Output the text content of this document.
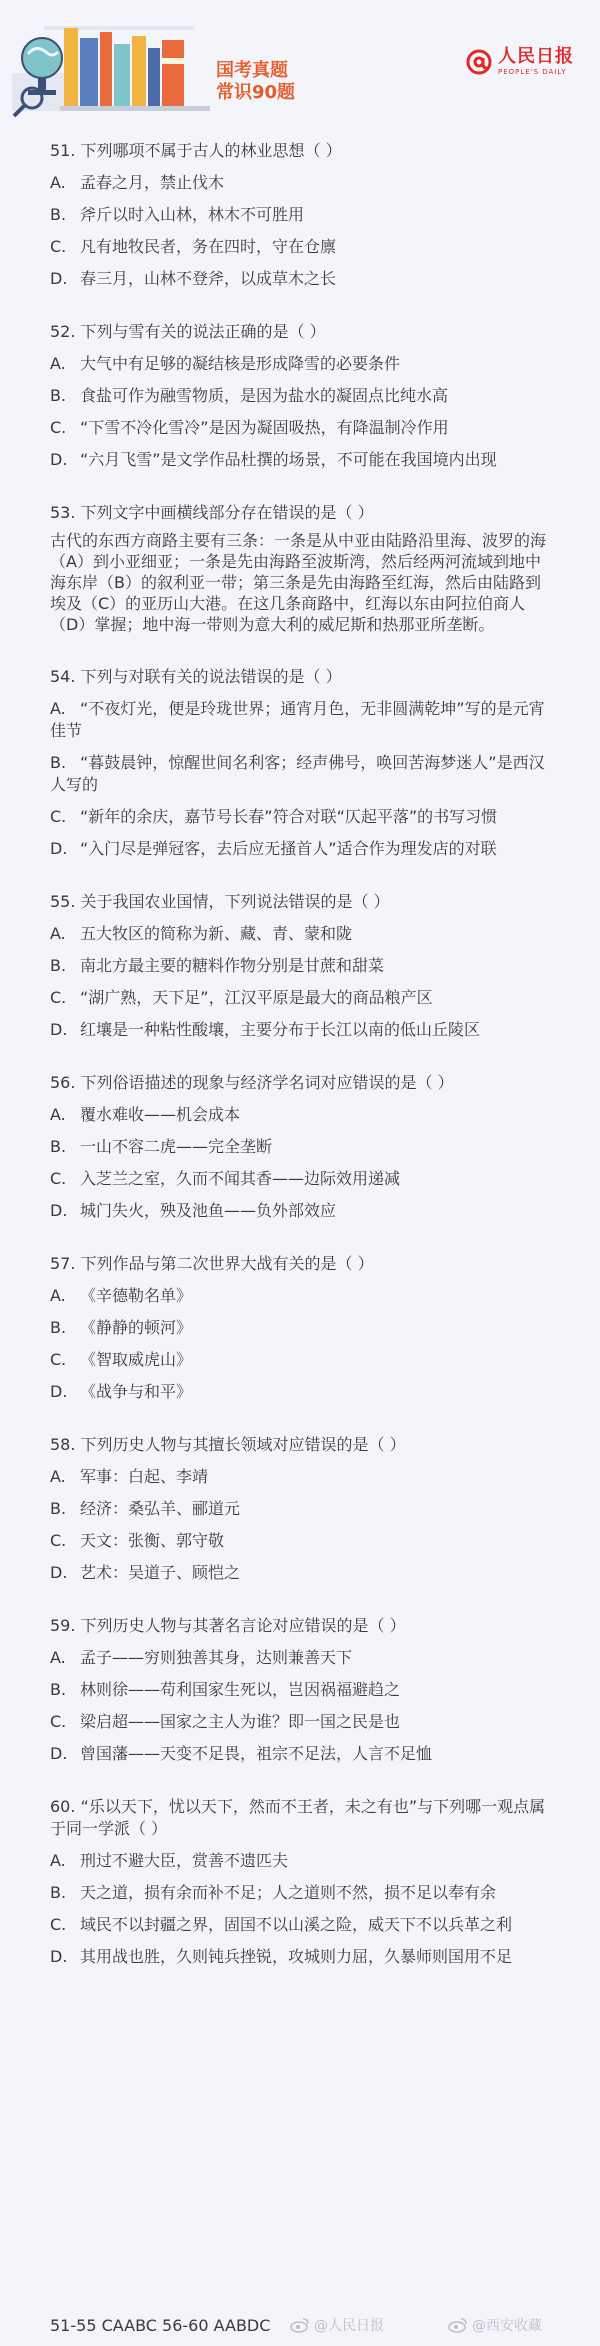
国考真题
常识90题
人民日报
PEOPLE'S DAILY

51. 下列哪项不属于古人的林业思想（ ）

A. 孟春之月，禁止伐木
B. 斧斤以时入山林，林木不可胜用
C. 凡有地牧民者，务在四时，守在仓廪
D. 春三月，山林不登斧，以成草木之长

52. 下列与雪有关的说法正确的是（ ）

A. 大气中有足够的凝结核是形成降雪的必要条件
B. 食盐可作为融雪物质，是因为盐水的凝固点比纯水高
C. “下雪不冷化雪冷”是因为凝固吸热，有降温制冷作用
D. “六月飞雪”是文学作品杜撰的场景，不可能在我国境内出现

53. 下列文字中画横线部分存在错误的是（ ）

古代的东西方商路主要有三条：一条是从中亚由陆路沿里海、波罗的海（A）到小亚细亚；一条是先由海路至波斯湾，然后经两河流域到地中海东岸（B）的叙利亚一带；第三条是先由海路至红海，然后由陆路到埃及（C）的亚历山大港。在这几条商路中，红海以东由阿拉伯商人（D）掌握；地中海一带则为意大利的威尼斯和热那亚所垄断。

54. 下列与对联有关的说法错误的是（ ）

A. “不夜灯光，便是玲珑世界；通宵月色，无非圆满乾坤”写的是元宵佳节
B. “暮鼓晨钟，惊醒世间名利客；经声佛号，唤回苦海梦迷人”是西汉人写的
C. “新年的余庆，嘉节号长春”符合对联“仄起平落”的书写习惯
D. “入门尽是弹冠客，去后应无搔首人”适合作为理发店的对联

55. 关于我国农业国情，下列说法错误的是（ ）

A. 五大牧区的简称为新、藏、青、蒙和陇
B. 南北方最主要的糖料作物分别是甘蔗和甜菜
C. “湖广熟，天下足”，江汉平原是最大的商品粮产区
D. 红壤是一种粘性酸壤，主要分布于长江以南的低山丘陵区

56. 下列俗语描述的现象与经济学名词对应错误的是（ ）

A. 覆水难收——机会成本
B. 一山不容二虎——完全垄断
C. 入芝兰之室，久而不闻其香——边际效用递减
D. 城门失火，殃及池鱼——负外部效应

57. 下列作品与第二次世界大战有关的是（ ）

A. 《辛德勒名单》
B. 《静静的顿河》
C. 《智取威虎山》
D. 《战争与和平》

58. 下列历史人物与其擅长领域对应错误的是（ ）

A. 军事：白起、李靖
B. 经济：桑弘羊、郦道元
C. 天文：张衡、郭守敬
D. 艺术：吴道子、顾恺之

59. 下列历史人物与其著名言论对应错误的是（ ）

A. 孟子——穷则独善其身，达则兼善天下
B. 林则徐——苟利国家生死以，岂因祸福避趋之
C. 梁启超——国家之主人为谁？即一国之民是也
D. 曾国藩——天变不足畏，祖宗不足法，人言不足恤

60. “乐以天下，忧以天下，然而不王者，未之有也”与下列哪一观点属于同一学派（ ）

A. 刑过不避大臣，赏善不遗匹夫
B. 天之道，损有余而补不足；人之道则不然，损不足以奉有余
C. 域民不以封疆之界，固国不以山溪之险，威天下不以兵革之利
D. 其用战也胜，久则钝兵挫锐，攻城则力屈，久暴师则国用不足
51-55 CAABC 56-60 AABDC	@人民日报	@西安收藏
